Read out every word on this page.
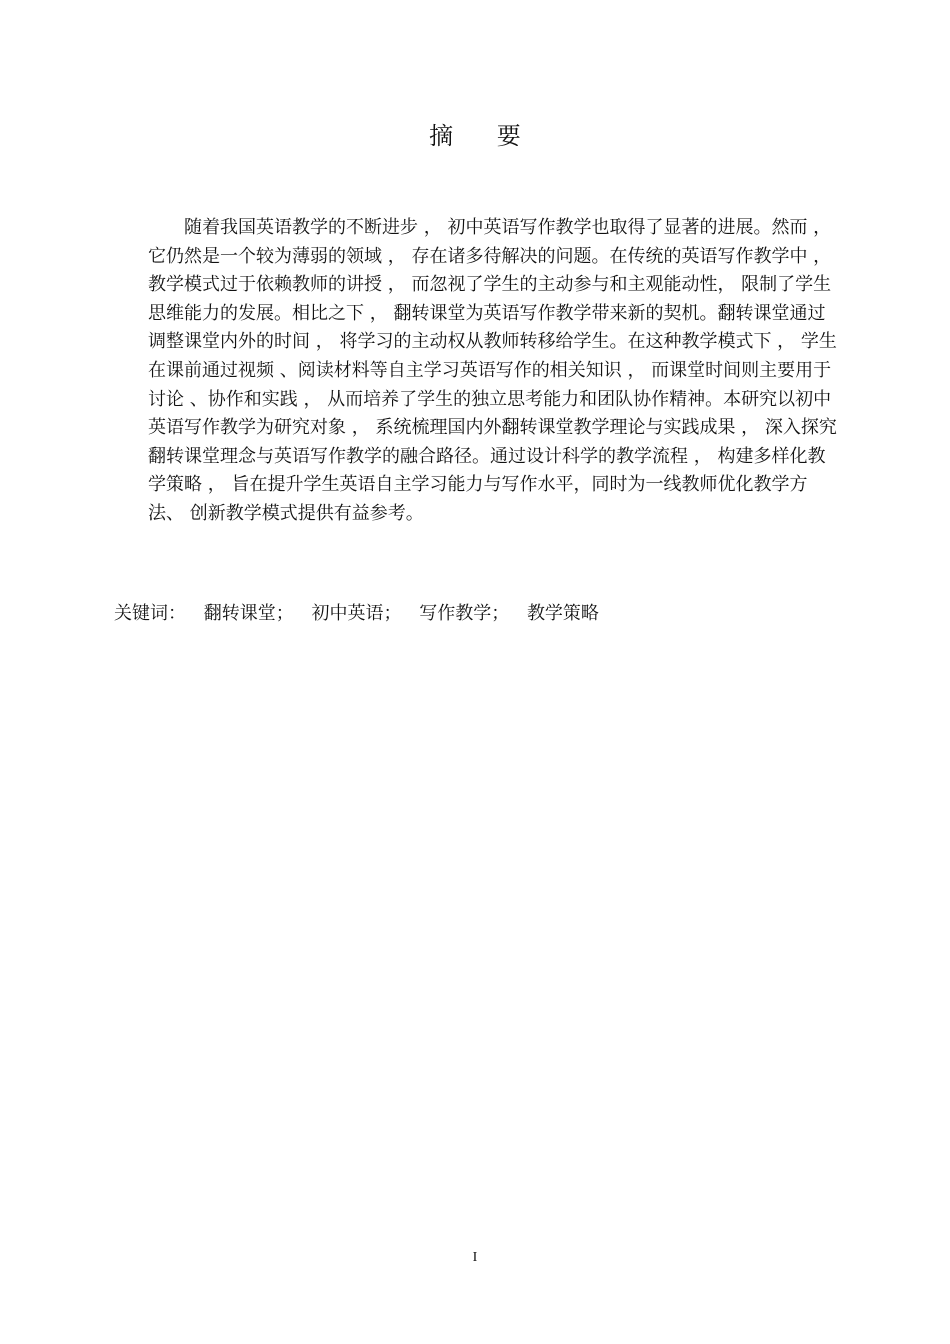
摘 要
　　随着我国英语教学的不断进步 ， 初中英语写作教学也取得了显著的进展。然而 ，
它仍然是一个较为薄弱的领域 ， 存在诸多待解决的问题。在传统的英语写作教学中 ，
教学模式过于依赖教师的讲授 ， 而忽视了学生的主动参与和主观能动性， 限制了学生
思维能力的发展。相比之下 ， 翻转课堂为英语写作教学带来新的契机。翻转课堂通过
调整课堂内外的时间 ， 将学习的主动权从教师转移给学生。在这种教学模式下 ， 学生
在课前通过视频 、阅读材料等自主学习英语写作的相关知识 ， 而课堂时间则主要用于
讨论 、协作和实践 ， 从而培养了学生的独立思考能力和团队协作精神。本研究以初中
英语写作教学为研究对象 ， 系统梳理国内外翻转课堂教学理论与实践成果 ， 深入探究
翻转课堂理念与英语写作教学的融合路径。通过设计科学的教学流程 ， 构建多样化教
学策略 ， 旨在提升学生英语自主学习能力与写作水平，同时为一线教师优化教学方
法、 创新教学模式提供有益参考。
关键词： 翻转课堂； 初中英语； 写作教学； 教学策略
I
